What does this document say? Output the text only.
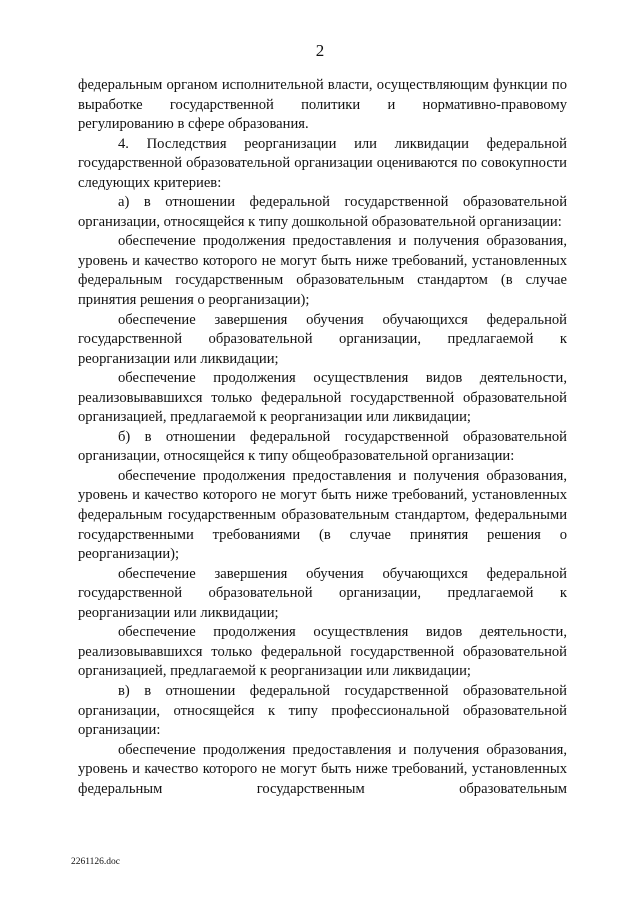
2

федеральным органом исполнительной власти, осуществляющим функции по выработке государственной политики и нормативно-правовому регулированию в сфере образования.

4. Последствия реорганизации или ликвидации федеральной государственной образовательной организации оцениваются по совокупности следующих критериев:

а) в отношении федеральной государственной образовательной организации, относящейся к типу дошкольной образовательной организации:

обеспечение продолжения предоставления и получения образования, уровень и качество которого не могут быть ниже требований, установленных федеральным государственным образовательным стандартом (в случае принятия решения о реорганизации);

обеспечение завершения обучения обучающихся федеральной государственной образовательной организации, предлагаемой к реорганизации или ликвидации;

обеспечение продолжения осуществления видов деятельности, реализовывавшихся только федеральной государственной образовательной организацией, предлагаемой к реорганизации или ликвидации;

б) в отношении федеральной государственной образовательной организации, относящейся к типу общеобразовательной организации:

обеспечение продолжения предоставления и получения образования, уровень и качество которого не могут быть ниже требований, установленных федеральным государственным образовательным стандартом, федеральными государственными требованиями (в случае принятия решения о реорганизации);

обеспечение завершения обучения обучающихся федеральной государственной образовательной организации, предлагаемой к реорганизации или ликвидации;

обеспечение продолжения осуществления видов деятельности, реализовывавшихся только федеральной государственной образовательной организацией, предлагаемой к реорганизации или ликвидации;

в) в отношении федеральной государственной образовательной организации, относящейся к типу профессиональной образовательной организации:

обеспечение продолжения предоставления и получения образования, уровень и качество которого не могут быть ниже требований, установленных федеральным государственным образовательным

2261126.doc
